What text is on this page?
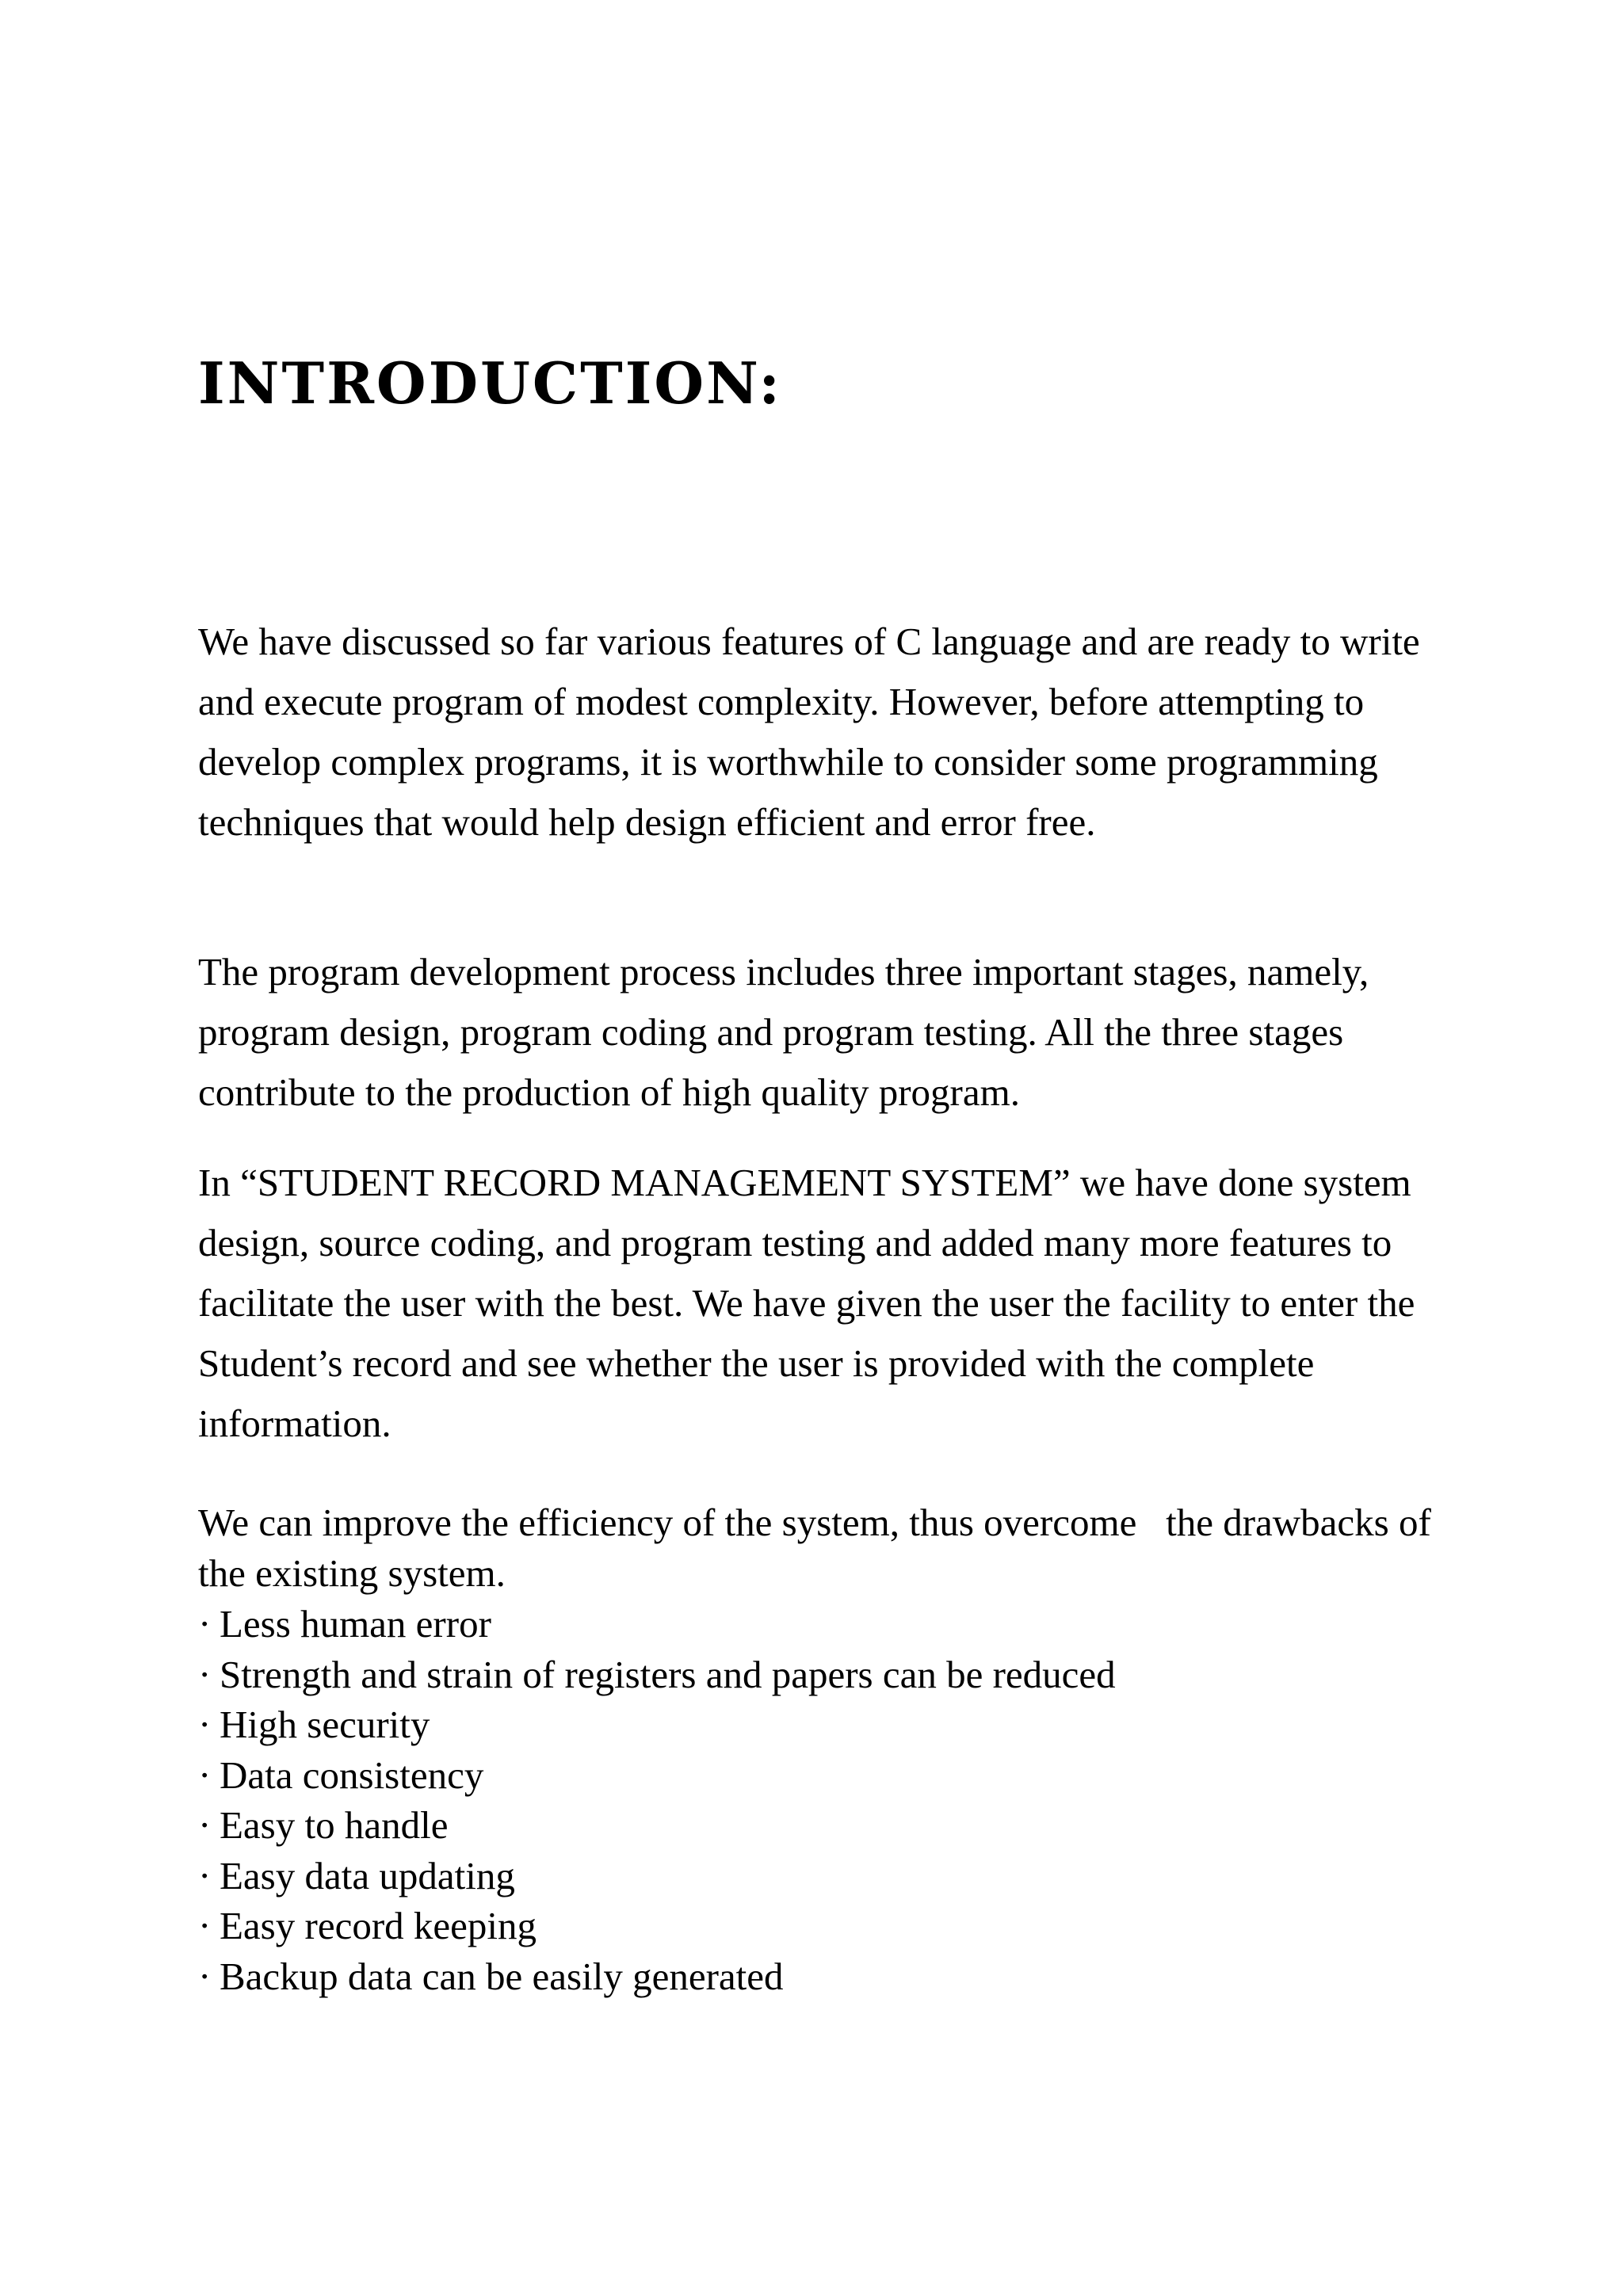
INTRODUCTION:

We have discussed so far various features of C language and are ready to write and execute program of modest complexity. However, before attempting to develop complex programs, it is worthwhile to consider some programming techniques that would help design efficient and error free.

The program development process includes three important stages, namely, program design, program coding and program testing. All the three stages contribute to the production of high quality program.

In “STUDENT RECORD MANAGEMENT SYSTEM” we have done system design, source coding, and program testing and added many more features to facilitate the user with the best. We have given the user the facility to enter the Student’s record and see whether the user is provided with the complete information.

We can improve the efficiency of the system, thus overcome   the drawbacks of the existing system.

· Less human error
· Strength and strain of registers and papers can be reduced
· High security
· Data consistency
· Easy to handle
· Easy data updating
· Easy record keeping
· Backup data can be easily generated
